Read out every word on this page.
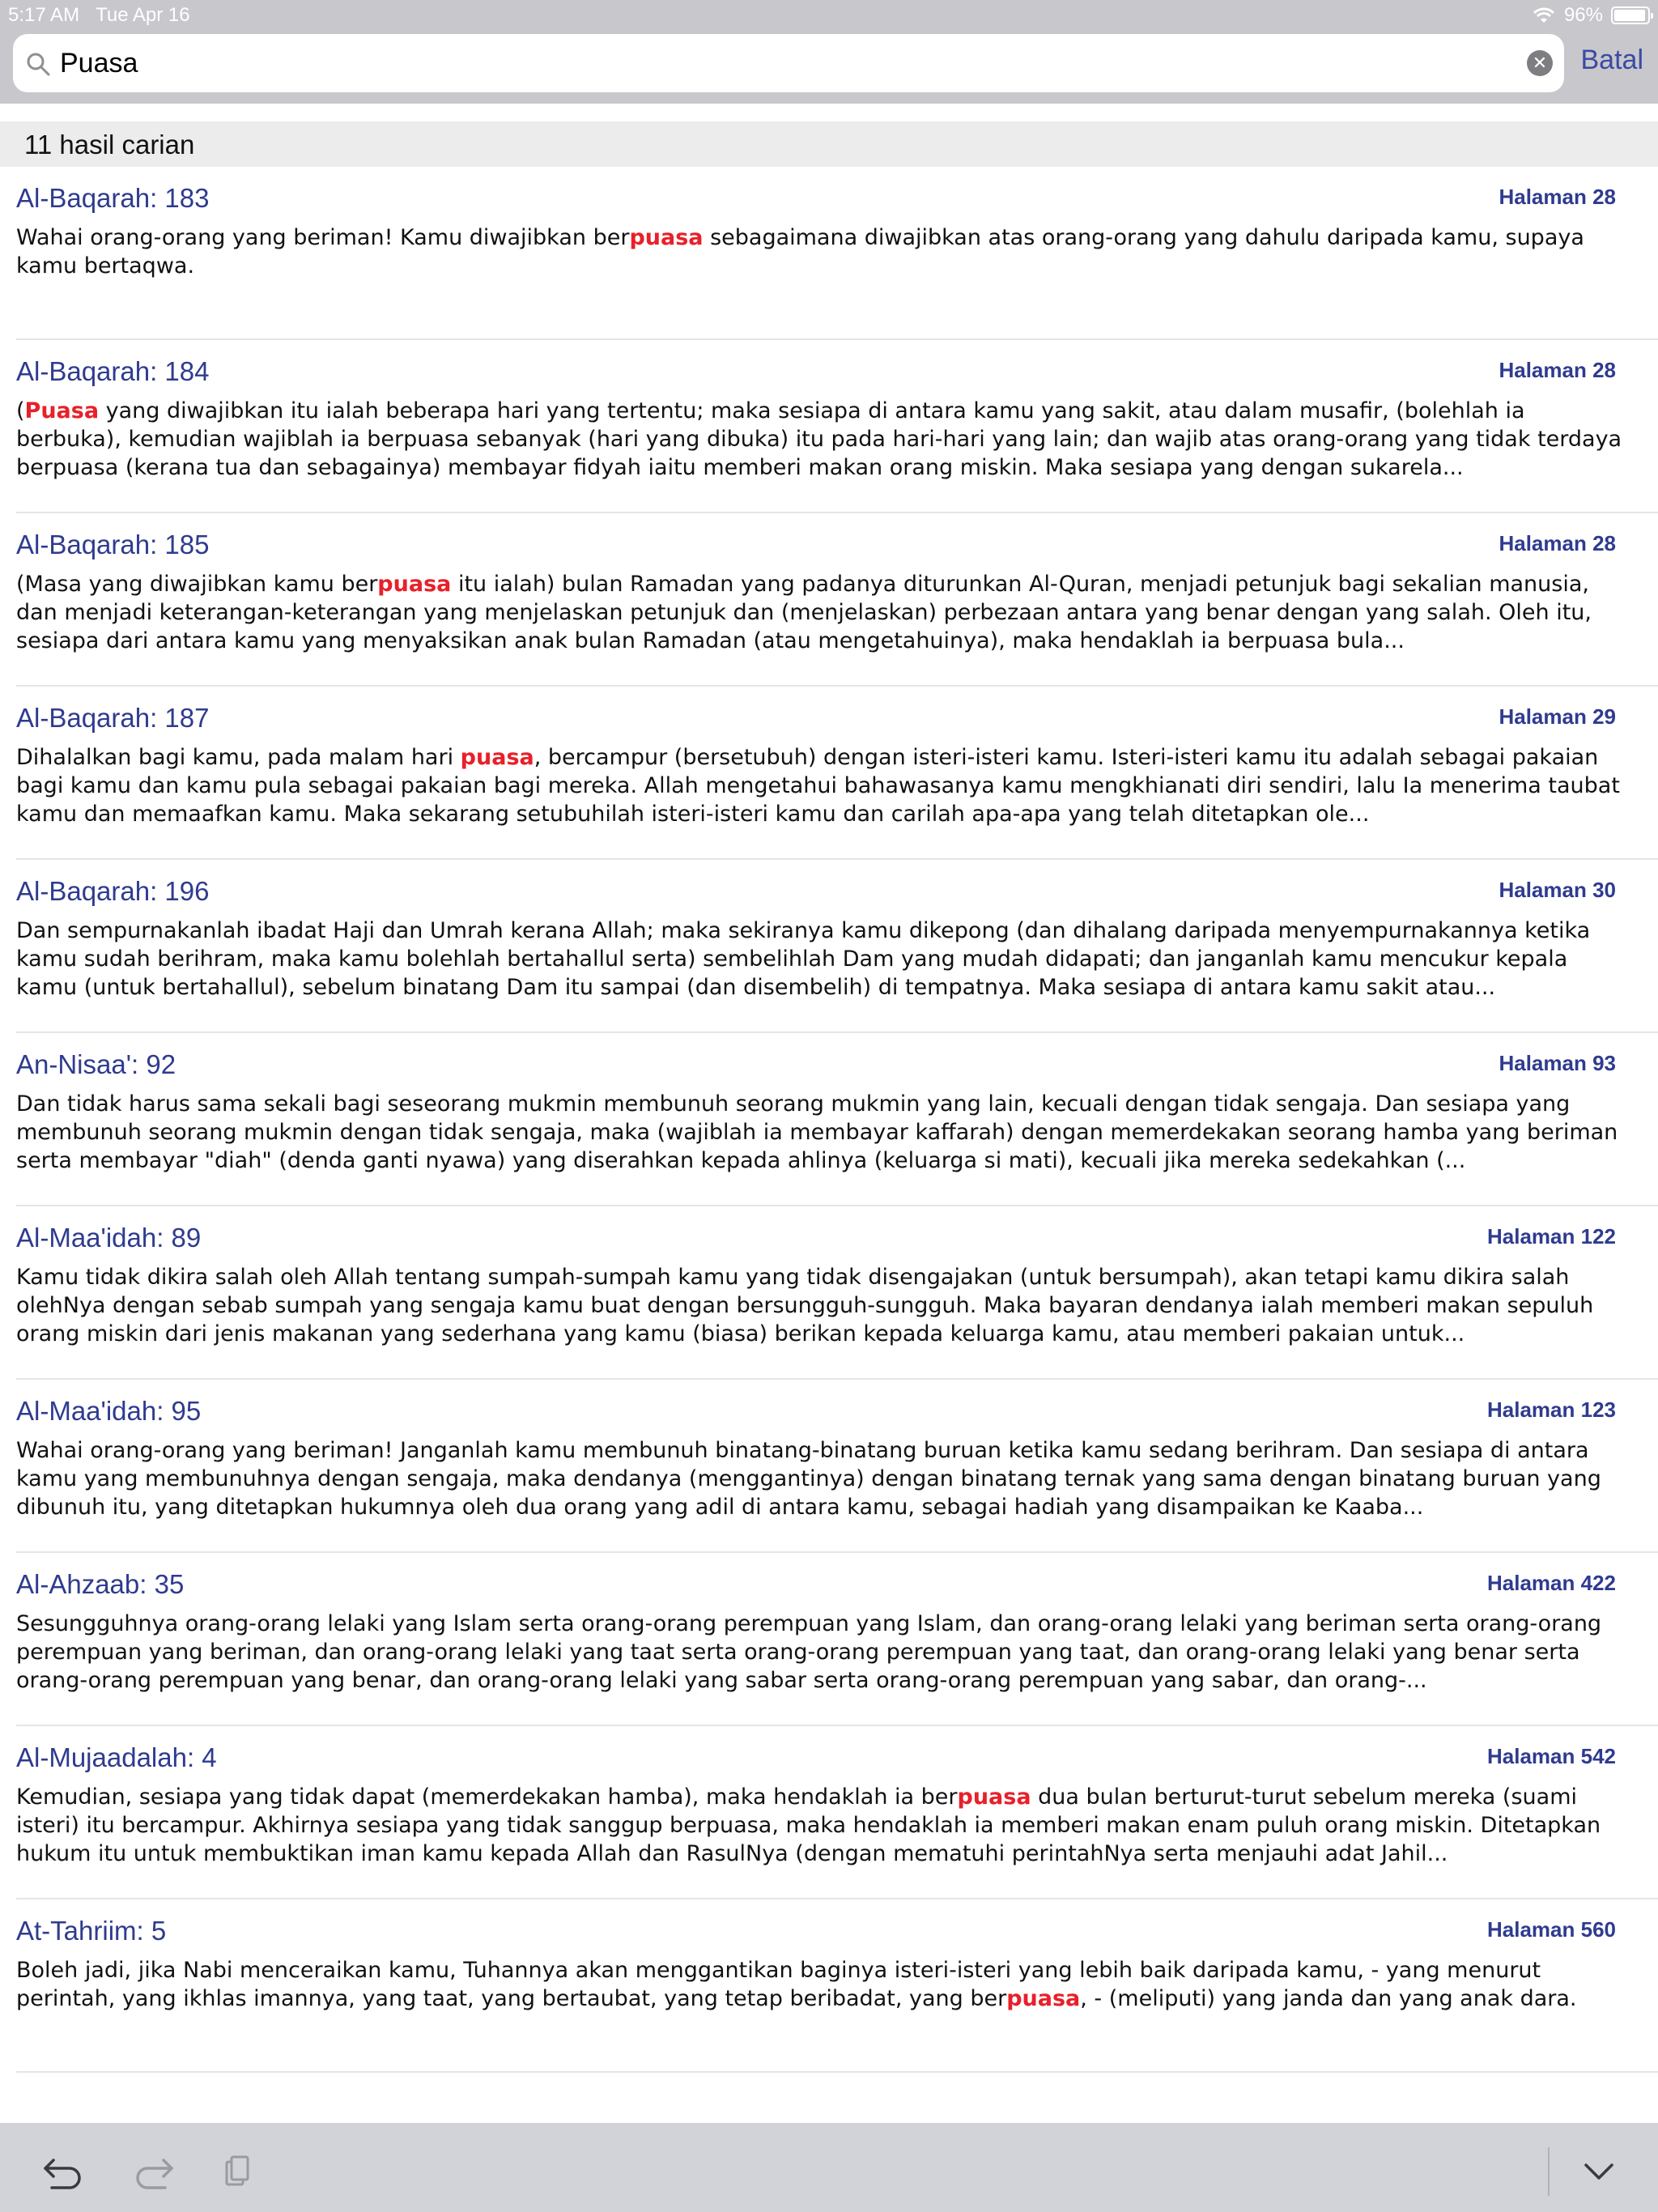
5:17 AM Tue Apr 16	96%
Puasa
✕ Batal
11 hasil carian
Al-Baqarah: 183	Halaman 28
Wahai orang-orang yang beriman! Kamu diwajibkan berpuasa sebagaimana diwajibkan atas orang-orang yang dahulu daripada kamu, supaya kamu bertaqwa.
Al-Baqarah: 184	Halaman 28
(Puasa yang diwajibkan itu ialah beberapa hari yang tertentu; maka sesiapa di antara kamu yang sakit, atau dalam musafir, (bolehlah ia berbuka), kemudian wajiblah ia berpuasa sebanyak (hari yang dibuka) itu pada hari-hari yang lain; dan wajib atas orang-orang yang tidak terdaya berpuasa (kerana tua dan sebagainya) membayar fidyah iaitu memberi makan orang miskin. Maka sesiapa yang dengan sukarela...
Al-Baqarah: 185	Halaman 28
(Masa yang diwajibkan kamu berpuasa itu ialah) bulan Ramadan yang padanya diturunkan Al-Quran, menjadi petunjuk bagi sekalian manusia, dan menjadi keterangan-keterangan yang menjelaskan petunjuk dan (menjelaskan) perbezaan antara yang benar dengan yang salah. Oleh itu, sesiapa dari antara kamu yang menyaksikan anak bulan Ramadan (atau mengetahuinya), maka hendaklah ia berpuasa bula...
Al-Baqarah: 187	Halaman 29
Dihalalkan bagi kamu, pada malam hari puasa, bercampur (bersetubuh) dengan isteri-isteri kamu. Isteri-isteri kamu itu adalah sebagai pakaian bagi kamu dan kamu pula sebagai pakaian bagi mereka. Allah mengetahui bahawasanya kamu mengkhianati diri sendiri, lalu Ia menerima taubat kamu dan memaafkan kamu. Maka sekarang setubuhilah isteri-isteri kamu dan carilah apa-apa yang telah ditetapkan ole...
Al-Baqarah: 196	Halaman 30
Dan sempurnakanlah ibadat Haji dan Umrah kerana Allah; maka sekiranya kamu dikepong (dan dihalang daripada menyempurnakannya ketika kamu sudah berihram, maka kamu bolehlah bertahallul serta) sembelihlah Dam yang mudah didapati; dan janganlah kamu mencukur kepala kamu (untuk bertahallul), sebelum binatang Dam itu sampai (dan disembelih) di tempatnya. Maka sesiapa di antara kamu sakit atau...
An-Nisaa': 92	Halaman 93
Dan tidak harus sama sekali bagi seseorang mukmin membunuh seorang mukmin yang lain, kecuali dengan tidak sengaja. Dan sesiapa yang membunuh seorang mukmin dengan tidak sengaja, maka (wajiblah ia membayar kaffarah) dengan memerdekakan seorang hamba yang beriman serta membayar "diah" (denda ganti nyawa) yang diserahkan kepada ahlinya (keluarga si mati), kecuali jika mereka sedekahkan (...
Al-Maa'idah: 89	Halaman 122
Kamu tidak dikira salah oleh Allah tentang sumpah-sumpah kamu yang tidak disengajakan (untuk bersumpah), akan tetapi kamu dikira salah olehNya dengan sebab sumpah yang sengaja kamu buat dengan bersungguh-sungguh. Maka bayaran dendanya ialah memberi makan sepuluh orang miskin dari jenis makanan yang sederhana yang kamu (biasa) berikan kepada keluarga kamu, atau memberi pakaian untuk...
Al-Maa'idah: 95	Halaman 123
Wahai orang-orang yang beriman! Janganlah kamu membunuh binatang-binatang buruan ketika kamu sedang berihram. Dan sesiapa di antara kamu yang membunuhnya dengan sengaja, maka dendanya (menggantinya) dengan binatang ternak yang sama dengan binatang buruan yang dibunuh itu, yang ditetapkan hukumnya oleh dua orang yang adil di antara kamu, sebagai hadiah yang disampaikan ke Kaaba...
Al-Ahzaab: 35	Halaman 422
Sesungguhnya orang-orang lelaki yang Islam serta orang-orang perempuan yang Islam, dan orang-orang lelaki yang beriman serta orang-orang perempuan yang beriman, dan orang-orang lelaki yang taat serta orang-orang perempuan yang taat, dan orang-orang lelaki yang benar serta orang-orang perempuan yang benar, dan orang-orang lelaki yang sabar serta orang-orang perempuan yang sabar, dan orang-...
Al-Mujaadalah: 4	Halaman 542
Kemudian, sesiapa yang tidak dapat (memerdekakan hamba), maka hendaklah ia berpuasa dua bulan berturut-turut sebelum mereka (suami isteri) itu bercampur. Akhirnya sesiapa yang tidak sanggup berpuasa, maka hendaklah ia memberi makan enam puluh orang miskin. Ditetapkan hukum itu untuk membuktikan iman kamu kepada Allah dan RasulNya (dengan mematuhi perintahNya serta menjauhi adat Jahil...
At-Tahriim: 5	Halaman 560
Boleh jadi, jika Nabi menceraikan kamu, Tuhannya akan menggantikan baginya isteri-isteri yang lebih baik daripada kamu, - yang menurut perintah, yang ikhlas imannya, yang taat, yang bertaubat, yang tetap beribadat, yang berpuasa, - (meliputi) yang janda dan yang anak dara.
